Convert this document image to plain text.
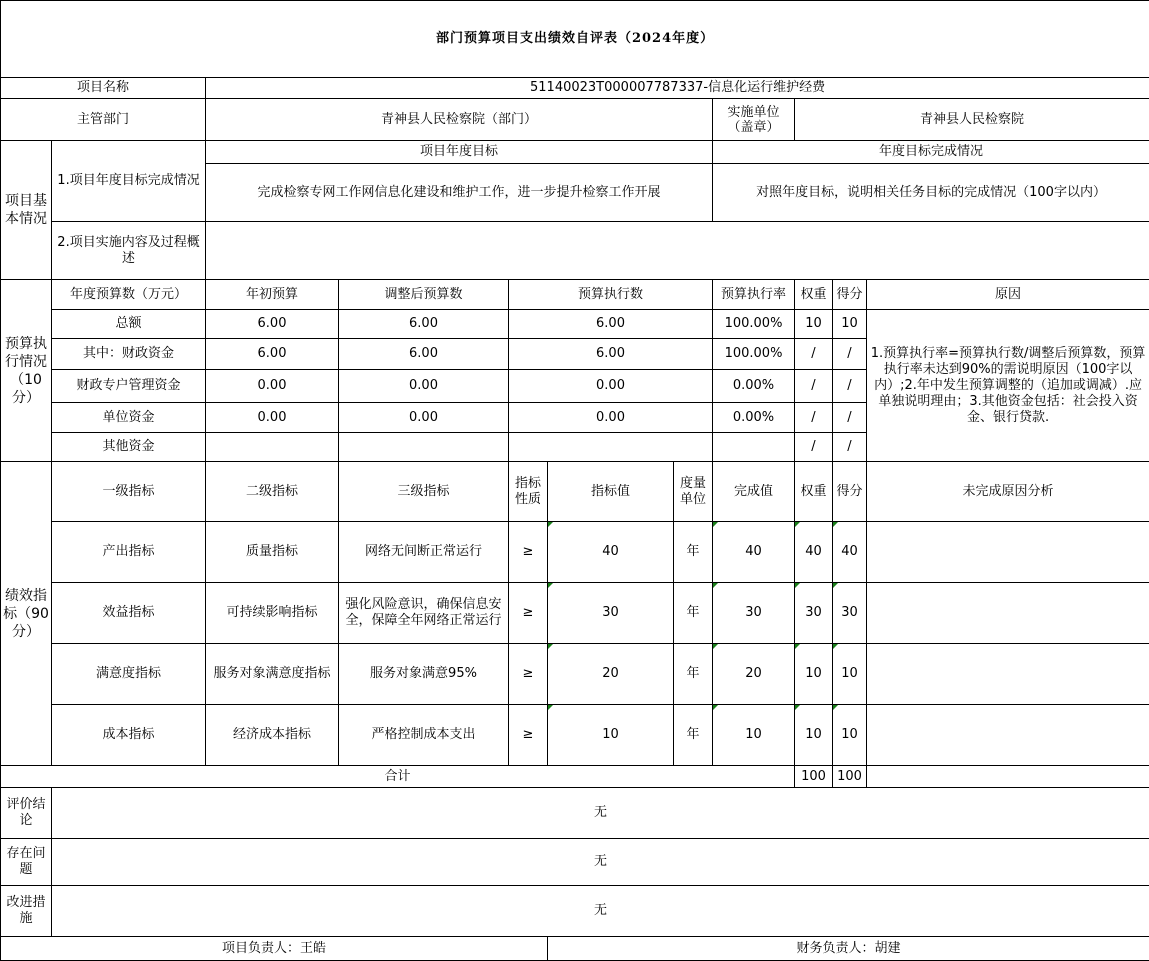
部门预算项目支出绩效自评表（2024年度）										
项目名称		51140023T000007787337-信息化运行维护经费								
主管部门		青神县人民检察院（部门）					实施单位（盖章）	青神县人民检察院		
项目基本情况	1.项目年度目标完成情况	项目年度目标					年度目标完成情况			
		完成检察专网工作网信息化建设和维护工作，进一步提升检察工作开展					对照年度目标，说明相关任务目标的完成情况（100字以内）			
	2.项目实施内容及过程概述									
预算执行情况（10分）	年度预算数（万元）	年初预算	调整后预算数	预算执行数			预算执行率	权重	得分	原因
	总额	6.00	6.00	6.00			100.00%	10	10	1.预算执行率=预算执行数/调整后预算数，预算执行率未达到90%的需说明原因（100字以内）;2.年中发生预算调整的（追加或调减）.应单独说明理由；3.其他资金包括：社会投入资金、银行贷款.
	其中：财政资金	6.00	6.00	6.00			100.00%	/	/	
	财政专户管理资金	0.00	0.00	0.00			0.00%	/	/	
	单位资金	0.00	0.00	0.00			0.00%	/	/	
	其他资金							/	/	
绩效指标（90分）	一级指标	二级指标	三级指标	指标性质	指标值	度量单位	完成值	权重	得分	未完成原因分析
	产出指标	质量指标	网络无间断正常运行	≥	40	年	40	40	40	
	效益指标	可持续影响指标	强化风险意识，确保信息安全，保障全年网络正常运行	≥	30	年	30	30	30	
	满意度指标	服务对象满意度指标	服务对象满意95%	≥	20	年	20	10	10	
	成本指标	经济成本指标	严格控制成本支出	≥	10	年	10	10	10	
合计								100	100	
评价结论	无									
存在问题	无									
改进措施	无									
项目负责人：王皓					财务负责人：胡建					
